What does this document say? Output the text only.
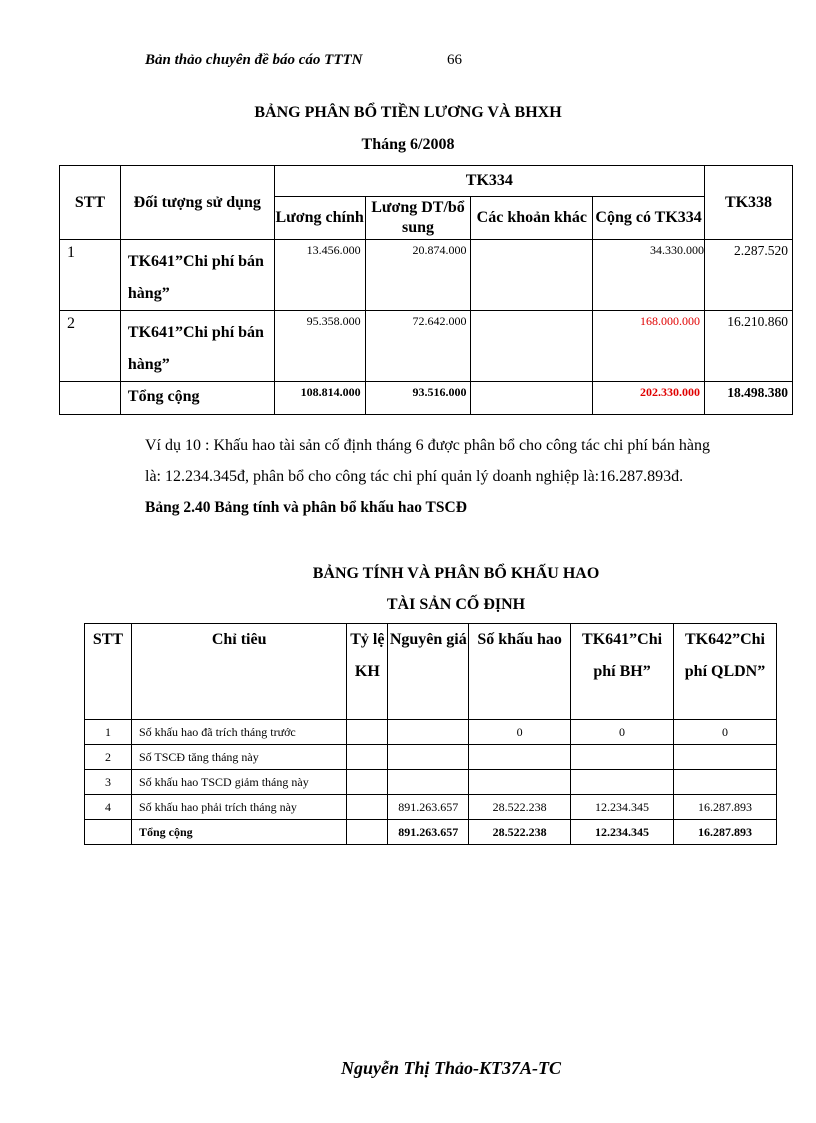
Bản thảo chuyên đề báo cáo TTTN	66
BẢNG PHÂN BỔ TIỀN LƯƠNG VÀ BHXH
Tháng 6/2008
STT	Đối tượng sử dụng	TK334				TK338
		Lương chính	Lương DT/bổ sung	Các khoản khác	Cộng có TK334	
1	TK641”Chi phí bán hàng”	13.456.000	20.874.000		34.330.000	2.287.520
2	TK641”Chi phí bán hàng”	95.358.000	72.642.000		168.000.000	16.210.860
	Tổng cộng	108.814.000	93.516.000		202.330.000	18.498.380
Ví dụ 10 : Khấu hao tài sản cố định tháng 6 được phân bổ cho công tác chi phí bán hàng
là: 12.234.345đ, phân bổ cho công tác chi phí quản lý doanh nghiệp là:16.287.893đ.
Bảng 2.40 Bảng tính và phân bổ khấu hao TSCĐ
BẢNG TÍNH VÀ PHÂN BỔ KHẤU HAO
TÀI SẢN CỐ ĐỊNH
STT	Chỉ tiêu	Tỷ lệ KH	Nguyên giá	Số khấu hao	TK641”Chi phí BH”	TK642”Chi phí QLDN”
1	Số khấu hao đã trích tháng trước			0	0	0
2	Số TSCĐ tăng tháng này					
3	Số khấu hao TSCD giảm tháng này					
4	Số khấu hao phải trích tháng này		891.263.657	28.522.238	12.234.345	16.287.893
	Tổng cộng		891.263.657	28.522.238	12.234.345	16.287.893
Nguyễn Thị Thảo-KT37A-TC
